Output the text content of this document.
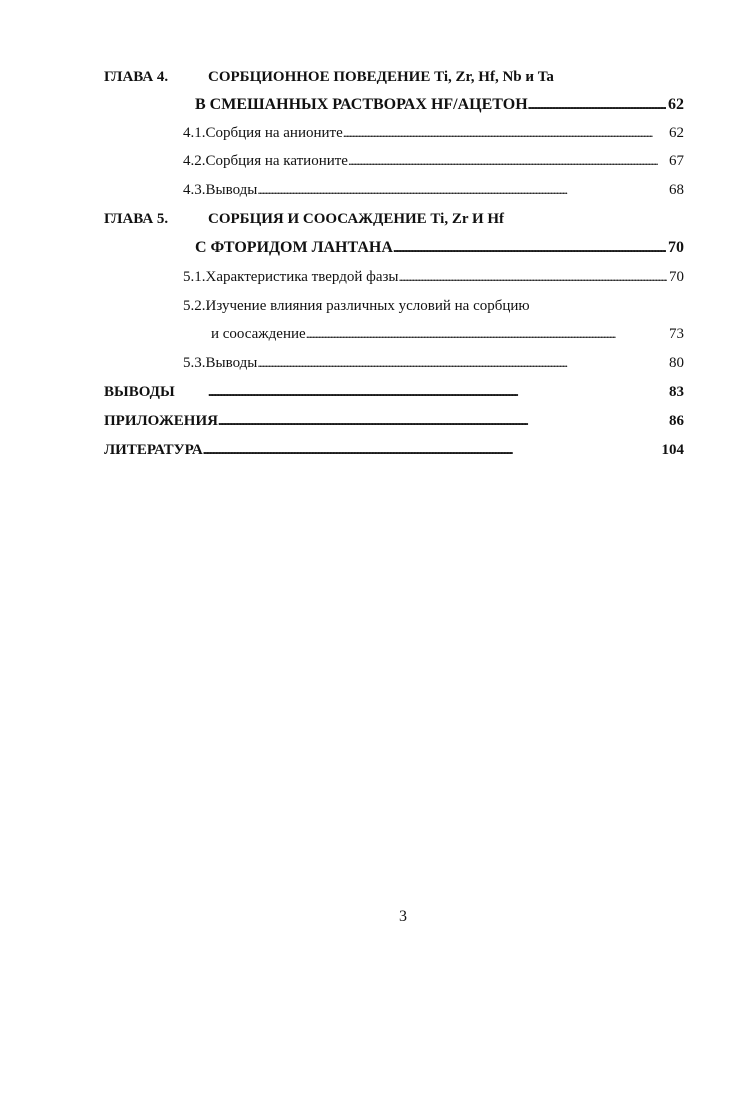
ГЛАВА 4.	СОРБЦИОННОЕ ПОВЕДЕНИЕ Ti, Zr, Hf, Nb и Ta
В СМЕШАННЫХ РАСТВОРАХ HF/АЦЕТОН . . .	62
4.1.Сорбция на анионите . . .	62
4.2.Сорбция на катионите . . .	67
4.3.Выводы . . .	68
ГЛАВА 5.	СОРБЦИЯ И СООСАЖДЕНИЕ Ti, Zr И Hf
С ФТОРИДОМ ЛАНТАНА . . .	70
5.1.Характеристика твердой фазы . . .	70
5.2.Изучение влияния различных условий на сорбцию
и соосаждение . . .	73
5.3.Выводы . . .	80
ВЫВОДЫ . . .	83
ПРИЛОЖЕНИЯ . . .	86
ЛИТЕРАТУРА . . .	104
3
